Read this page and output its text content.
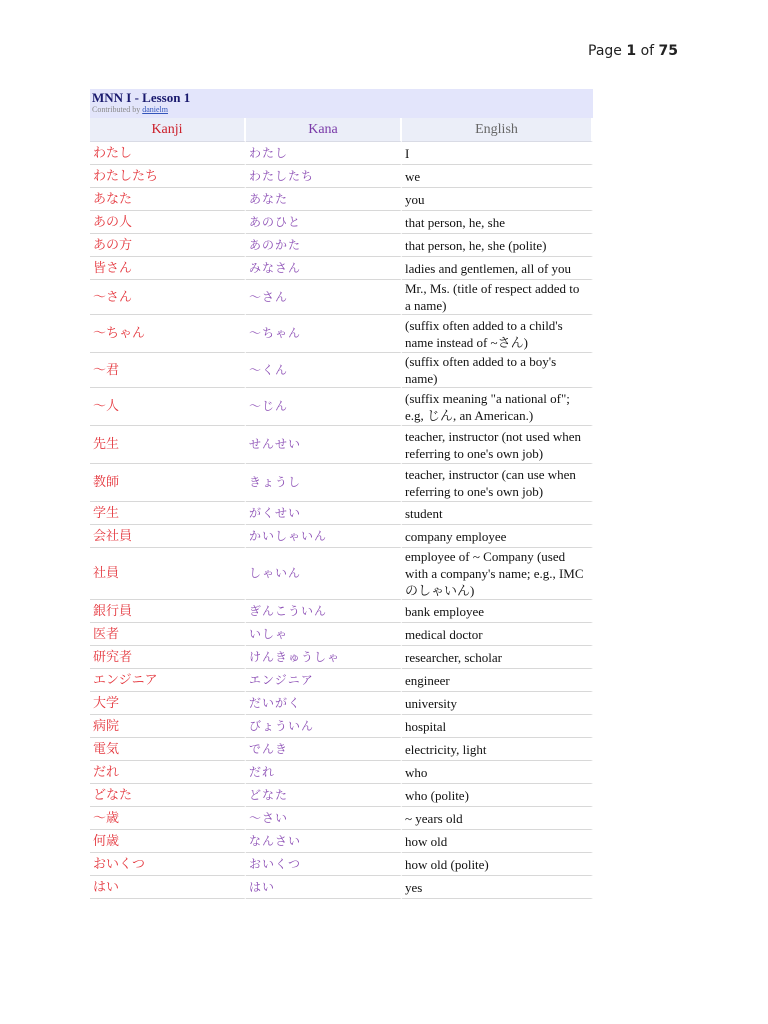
Page 1 of 75
MNN I - Lesson 1
Contributed by danielm
Kanji	Kana	English
わたし	わたし	I
わたしたち	わたしたち	we
あなた	あなた	you
あの人	あのひと	that person, he, she
あの方	あのかた	that person, he, she (polite)
皆さん	みなさん	ladies and gentlemen, all of you
〜さん	〜さん	Mr., Ms. (title of respect added to a name)
〜ちゃん	〜ちゃん	(suffix often added to a child's name instead of ~さん)
〜君	〜くん	(suffix often added to a boy's name)
〜人	〜じん	(suffix meaning "a national of"; e.g, じん, an American.)
先生	せんせい	teacher, instructor (not used when referring to one's own job)
教師	きょうし	teacher, instructor (can use when referring to one's own job)
学生	がくせい	student
会社員	かいしゃいん	company employee
社員	しゃいん	employee of ~ Company (used with a company's name; e.g., IMC のしゃいん)
銀行員	ぎんこういん	bank employee
医者	いしゃ	medical doctor
研究者	けんきゅうしゃ	researcher, scholar
エンジニア	エンジニア	engineer
大学	だいがく	university
病院	びょういん	hospital
電気	でんき	electricity, light
だれ	だれ	who
どなた	どなた	who (polite)
〜歳	〜さい	~ years old
何歳	なんさい	how old
おいくつ	おいくつ	how old (polite)
はい	はい	yes
